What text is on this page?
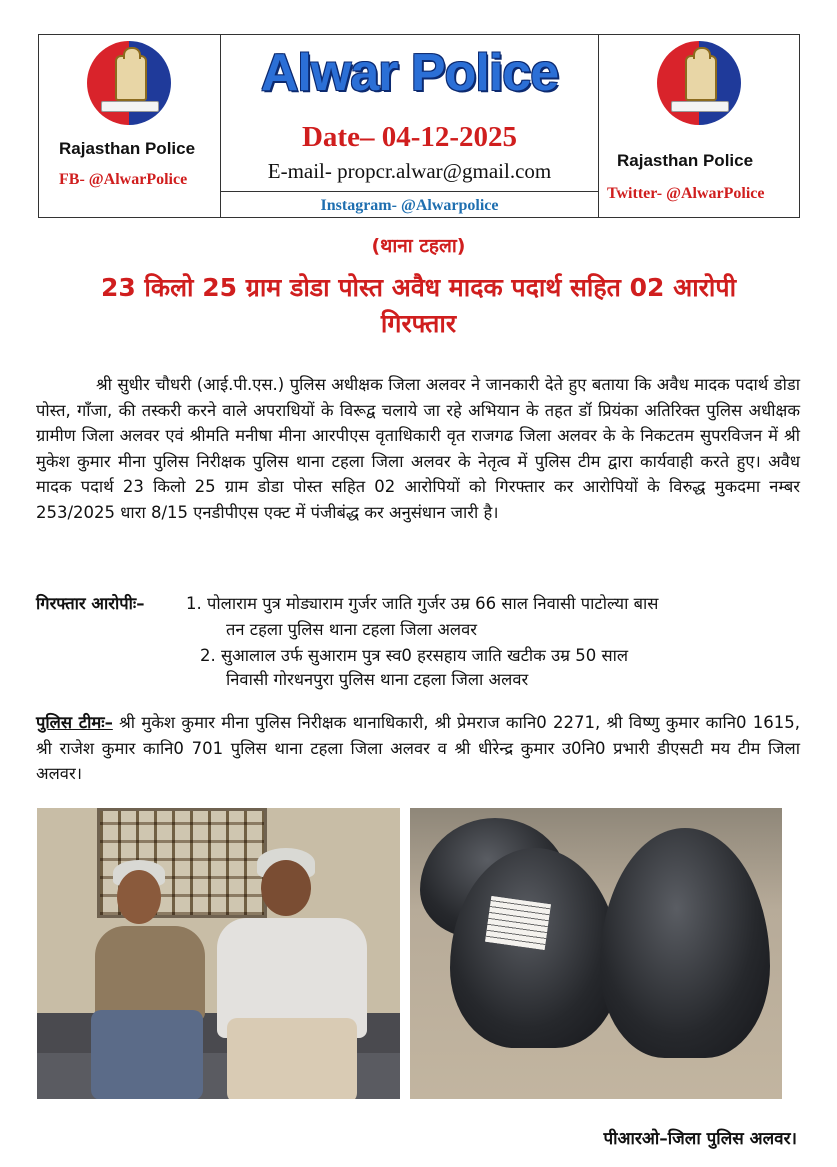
Rajasthan Police
FB- @AlwarPolice
Alwar Police
Date– 04-12-2025
E-mail- propcr.alwar@gmail.com
Instagram- @Alwarpolice
Rajasthan Police
Twitter- @AlwarPolice
(थाना टहला)
23 किलो 25 ग्राम डोडा पोस्त अवैध मादक पदार्थ सहित 02 आरोपी गिरफ्तार

श्री सुधीर चौधरी (आई.पी.एस.) पुलिस अधीक्षक जिला अलवर ने जानकारी देते हुए बताया कि अवैध मादक पदार्थ डोडा पोस्त, गाँजा, की तस्करी करने वाले अपराधियों के विरूद्व चलाये जा रहे अभियान के तहत डॉ प्रियंका अतिरिक्त पुलिस अधीक्षक ग्रामीण जिला अलवर एवं श्रीमति मनीषा मीना आरपीएस वृताधिकारी वृत राजगढ जिला अलवर के के निकटतम सुपरविजन में श्री मुकेश कुमार मीना पुलिस निरीक्षक पुलिस थाना टहला जिला अलवर के नेतृत्व में पुलिस टीम द्वारा कार्यवाही करते हुए। अवैध मादक पदार्थ 23 किलो 25 ग्राम डोडा पोस्त सहित 02 आरोपियों को गिरफ्तार कर आरोपियों के विरुद्ध मुकदमा नम्बर 253/2025 धारा 8/15 एनडीपीएस एक्ट में पंजीबंद्ध कर अनुसंधान जारी है।

गिरफ्तार आरोपीः–	1. पोलाराम पुत्र मोड्याराम गुर्जर जाति गुर्जर उम्र 66 साल निवासी पाटोल्या बास
तन टहला पुलिस थाना टहला जिला अलवर
2. सुआलाल उर्फ सुआराम पुत्र स्व0 हरसहाय जाति खटीक उम्र 50 साल
निवासी गोरधनपुरा पुलिस थाना टहला जिला अलवर

पुलिस टीमः– श्री मुकेश कुमार मीना पुलिस निरीक्षक थानाधिकारी, श्री प्रेमराज कानि0 2271, श्री विष्णु कुमार कानि0 1615, श्री राजेश कुमार कानि0 701 पुलिस थाना टहला जिला अलवर व श्री धीरेन्द्र कुमार उ0नि0 प्रभारी डीएसटी मय टीम जिला अलवर।

पीआरओ–जिला पुलिस अलवर।
